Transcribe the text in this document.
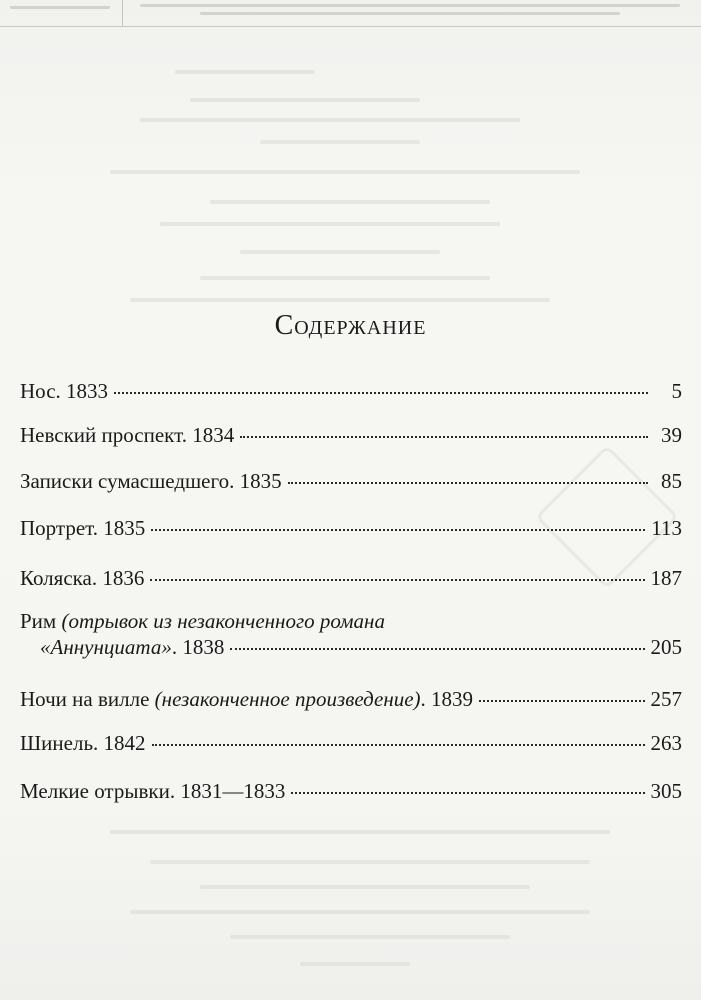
Содержание
Нос. 1833	5
Невский проспект. 1834	39
Записки сумасшедшего. 1835	85
Портрет. 1835	113
Коляска. 1836	187
Рим (отрывок из незаконченного романа
«Аннунциата». 1838	205
Ночи на вилле (незаконченное произведение). 1839	257
Шинель. 1842	263
Мелкие отрывки. 1831—1833	305
